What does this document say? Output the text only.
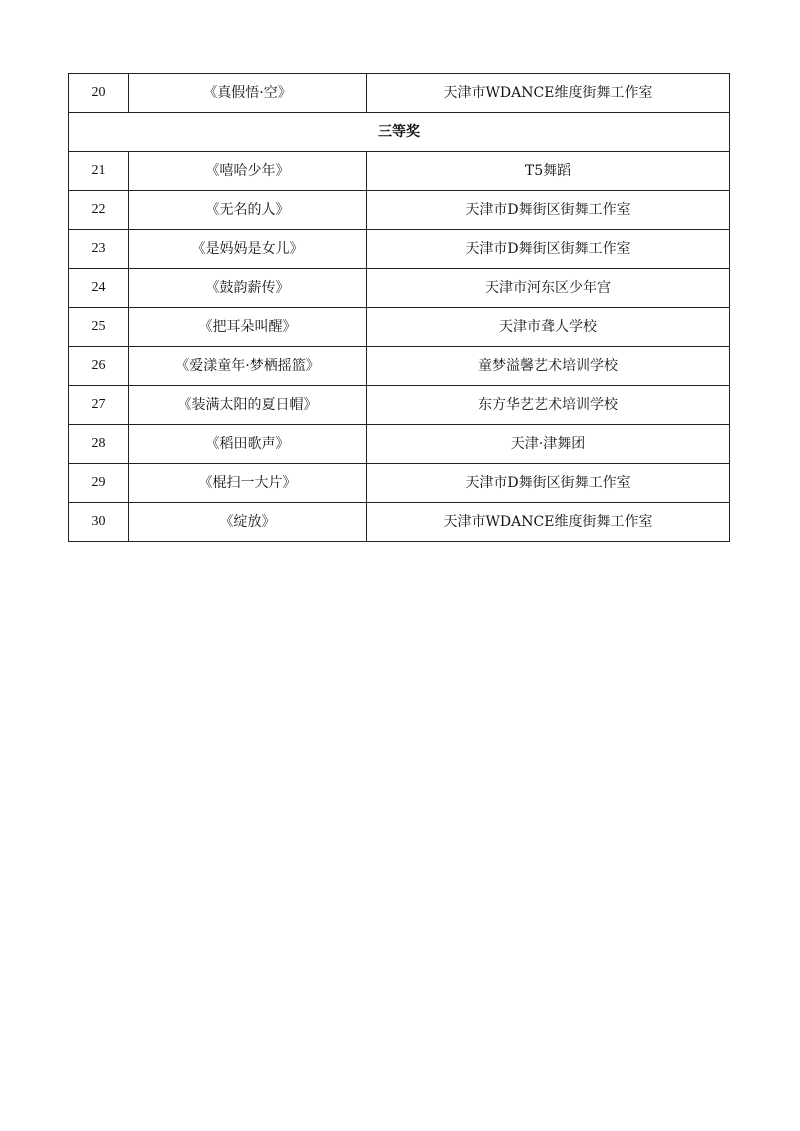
20	《真假悟·空》	天津市WDANCE维度街舞工作室
三等奖		
21	《嘻哈少年》	T5舞蹈
22	《无名的人》	天津市D舞街区街舞工作室
23	《是妈妈是女儿》	天津市D舞街区街舞工作室
24	《鼓韵薪传》	天津市河东区少年宫
25	《把耳朵叫醒》	天津市聋人学校
26	《爱漾童年·梦栖摇篮》	童梦溢馨艺术培训学校
27	《装满太阳的夏日帽》	东方华艺艺术培训学校
28	《稻田歌声》	天津·津舞团
29	《棍扫一大片》	天津市D舞街区街舞工作室
30	《绽放》	天津市WDANCE维度街舞工作室
